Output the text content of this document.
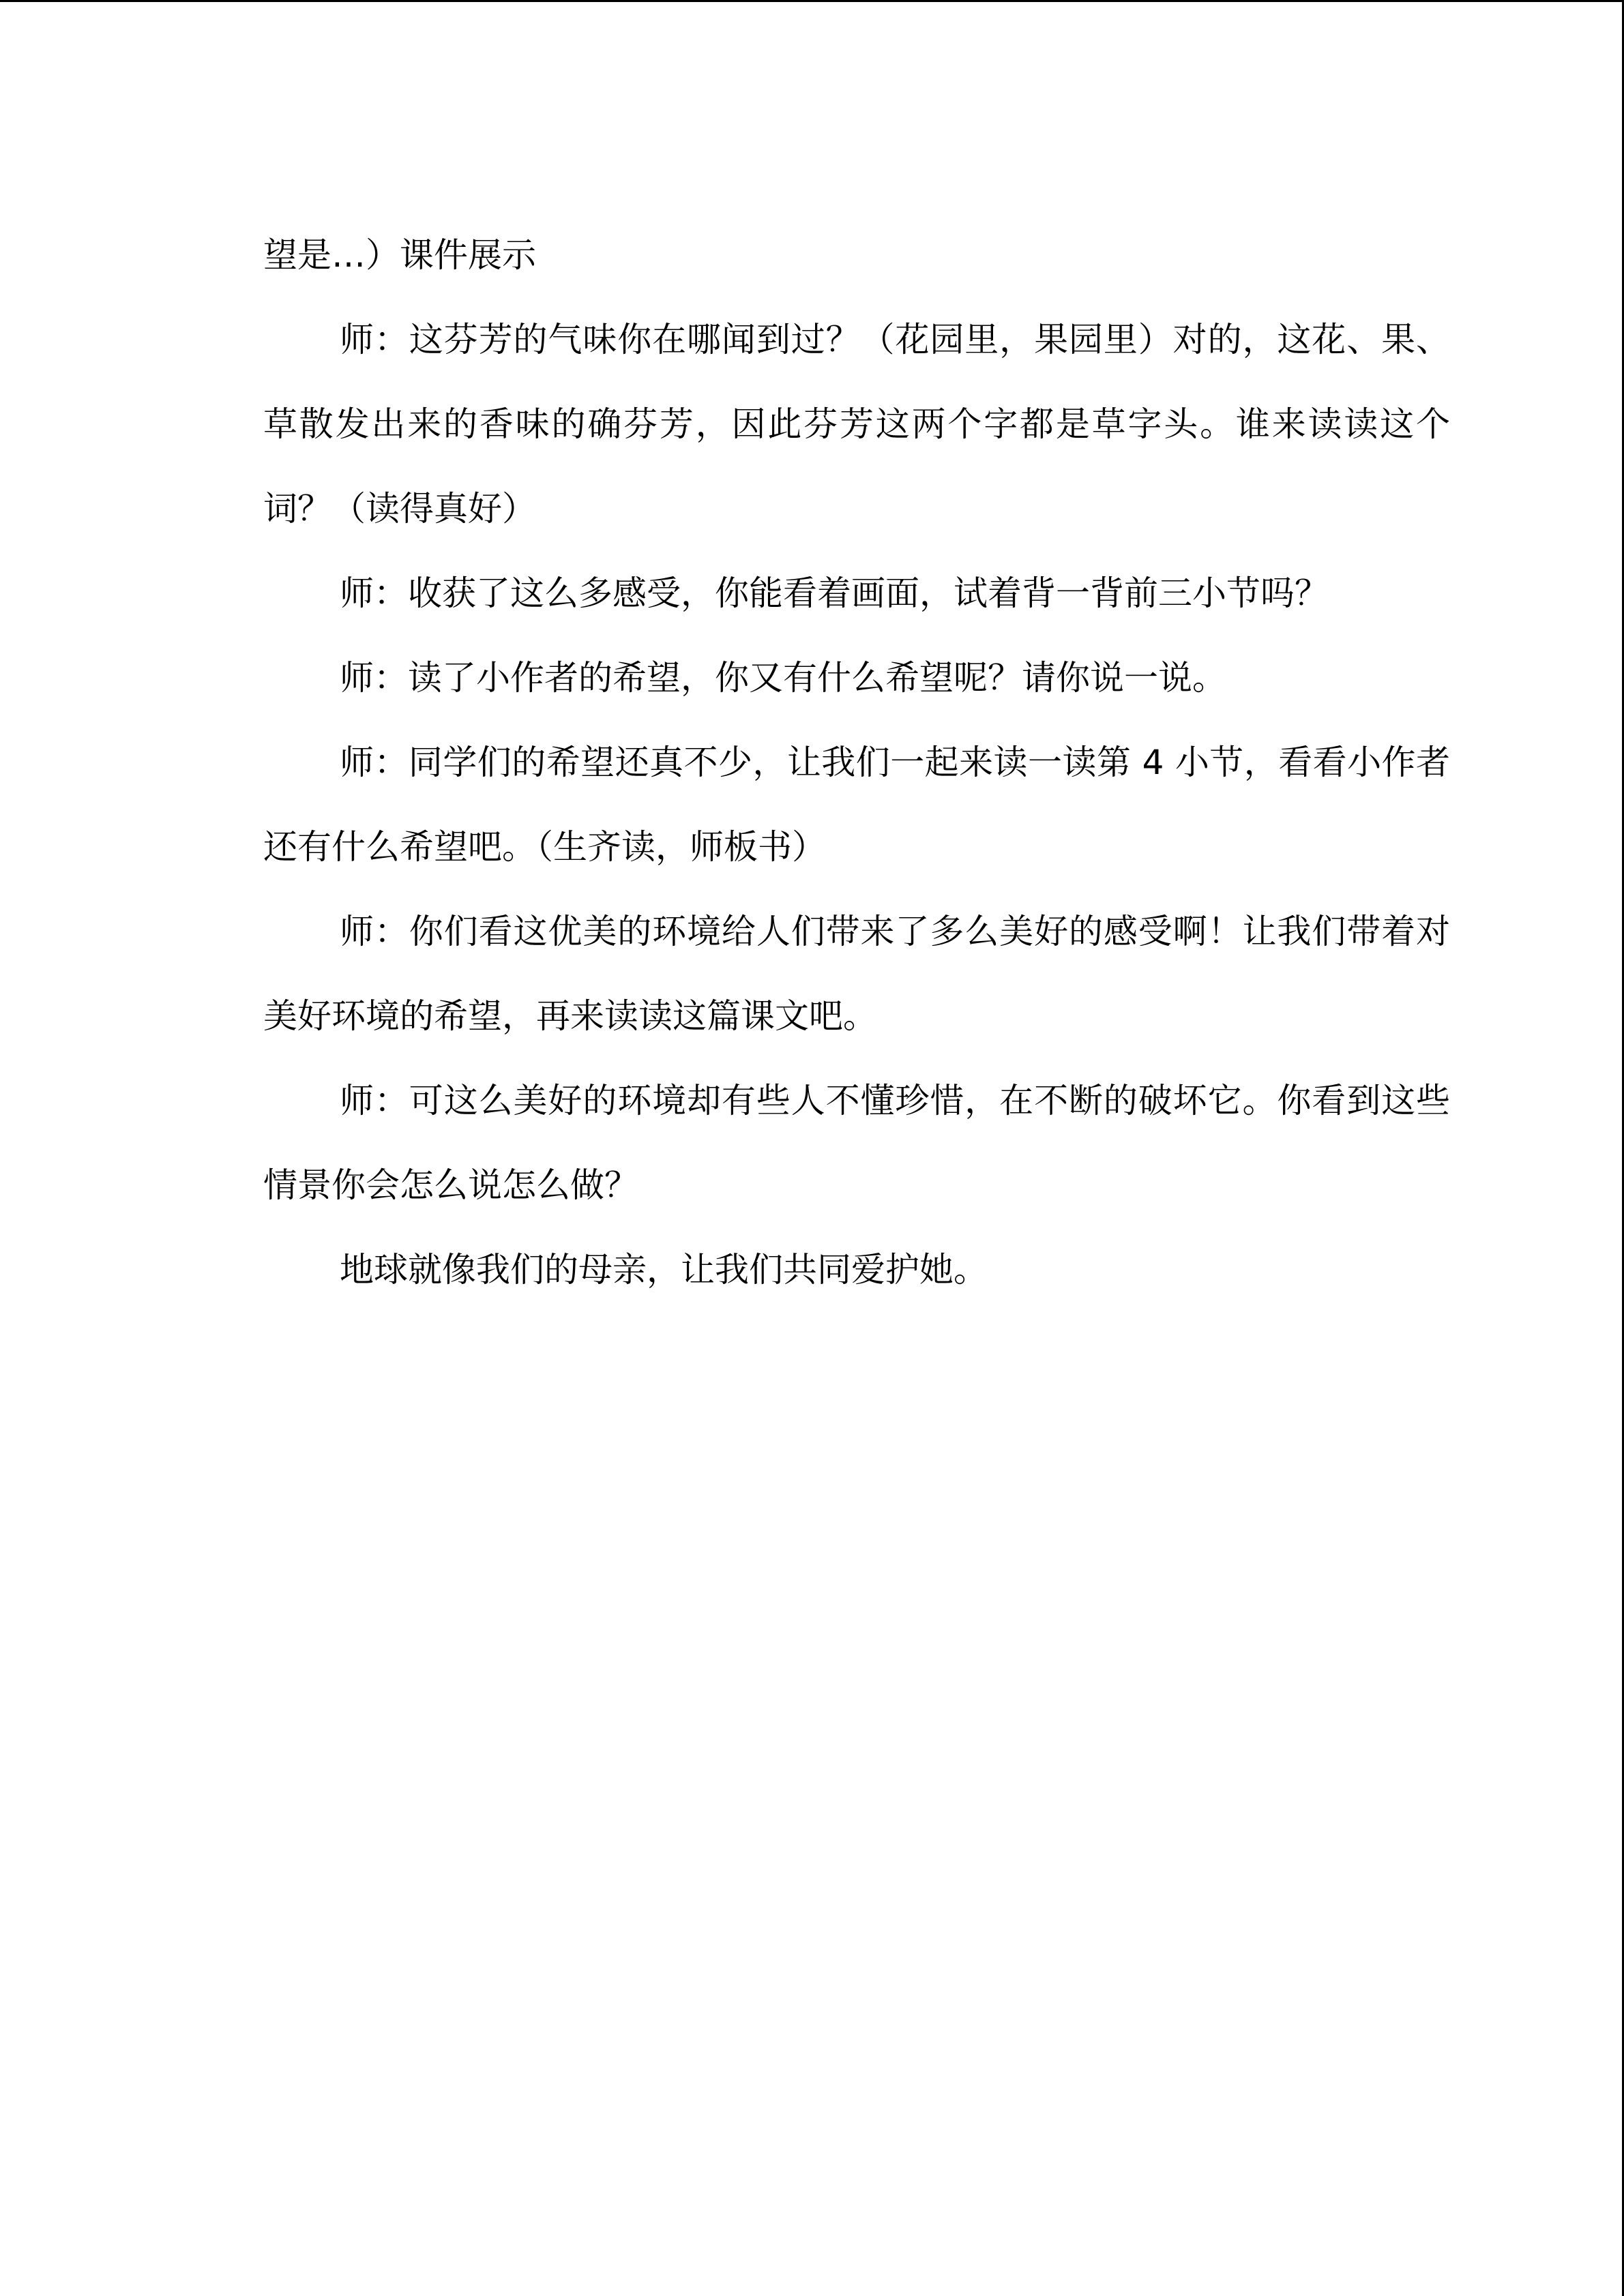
望是…）课件展示

师：这芬芳的气味你在哪闻到过？（花园里，果园里）对的，这花、果、草散发出来的香味的确芬芳，因此芬芳这两个字都是草字头。谁来读读这个词？（读得真好）

师：收获了这么多感受，你能看着画面，试着背一背前三小节吗？

师：读了小作者的希望，你又有什么希望呢？请你说一说。

师：同学们的希望还真不少，让我们一起来读一读第 4 小节，看看小作者还有什么希望吧。（生齐读，师板书）

师：你们看这优美的环境给人们带来了多么美好的感受啊！让我们带着对美好环境的希望，再来读读这篇课文吧。

师：可这么美好的环境却有些人不懂珍惜，在不断的破坏它。你看到这些情景你会怎么说怎么做？

地球就像我们的母亲，让我们共同爱护她。
